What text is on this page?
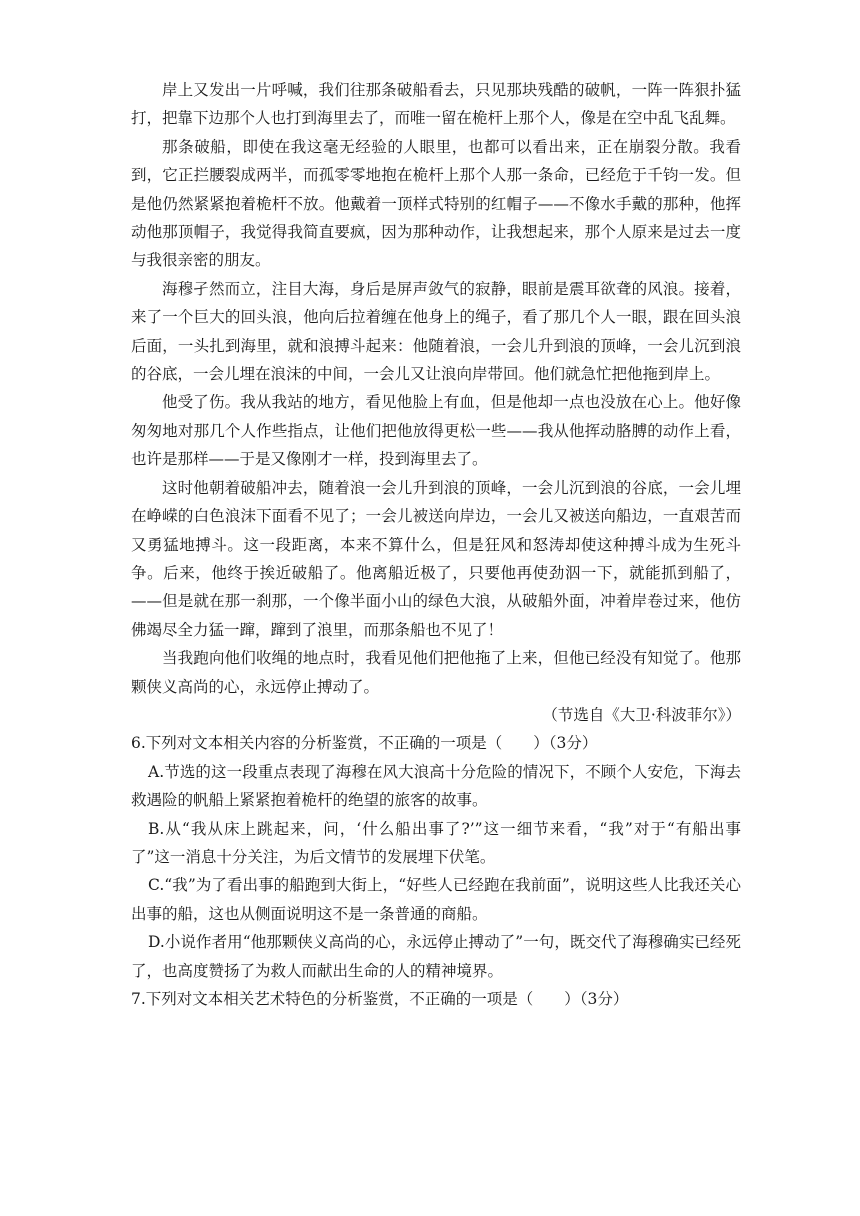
岸上又发出一片呼喊，我们往那条破船看去，只见那块残酷的破帆，一阵一阵狠扑猛打，把靠下边那个人也打到海里去了，而唯一留在桅杆上那个人，像是在空中乱飞乱舞。

那条破船，即使在我这毫无经验的人眼里，也都可以看出来，正在崩裂分散。我看到，它正拦腰裂成两半，而孤零零地抱在桅杆上那个人那一条命，已经危于千钧一发。但是他仍然紧紧抱着桅杆不放。他戴着一顶样式特别的红帽子——不像水手戴的那种，他挥动他那顶帽子，我觉得我简直要疯，因为那种动作，让我想起来，那个人原来是过去一度与我很亲密的朋友。

海穆孑然而立，注目大海，身后是屏声敛气的寂静，眼前是震耳欲聋的风浪。接着，来了一个巨大的回头浪，他向后拉着缠在他身上的绳子，看了那几个人一眼，跟在回头浪后面，一头扎到海里，就和浪搏斗起来：他随着浪，一会儿升到浪的顶峰，一会儿沉到浪的谷底，一会儿埋在浪沫的中间，一会儿又让浪向岸带回。他们就急忙把他拖到岸上。

他受了伤。我从我站的地方，看见他脸上有血，但是他却一点也没放在心上。他好像匆匆地对那几个人作些指点，让他们把他放得更松一些——我从他挥动胳膊的动作上看，也许是那样——于是又像刚才一样，投到海里去了。

这时他朝着破船冲去，随着浪一会儿升到浪的顶峰，一会儿沉到浪的谷底，一会儿埋在峥嵘的白色浪沫下面看不见了；一会儿被送向岸边，一会儿又被送向船边，一直艰苦而又勇猛地搏斗。这一段距离，本来不算什么，但是狂风和怒涛却使这种搏斗成为生死斗争。后来，他终于挨近破船了。他离船近极了，只要他再使劲泅一下，就能抓到船了，——但是就在那一刹那，一个像半面小山的绿色大浪，从破船外面，冲着岸卷过来，他仿佛竭尽全力猛一蹿，蹿到了浪里，而那条船也不见了！

当我跑向他们收绳的地点时，我看见他们把他拖了上来，但他已经没有知觉了。他那颗侠义高尚的心，永远停止搏动了。

（节选自《大卫·科波菲尔》）

6.下列对文本相关内容的分析鉴赏，不正确的一项是（　　）（3分）

A.节选的这一段重点表现了海穆在风大浪高十分危险的情况下，不顾个人安危，下海去救遇险的帆船上紧紧抱着桅杆的绝望的旅客的故事。

B.从“我从床上跳起来，问，‘什么船出事了?’”这一细节来看，“我”对于“有船出事了”这一消息十分关注，为后文情节的发展埋下伏笔。

C.“我”为了看出事的船跑到大街上，“好些人已经跑在我前面”，说明这些人比我还关心出事的船，这也从侧面说明这不是一条普通的商船。

D.小说作者用“他那颗侠义高尚的心，永远停止搏动了”一句，既交代了海穆确实已经死了，也高度赞扬了为救人而献出生命的人的精神境界。

7.下列对文本相关艺术特色的分析鉴赏，不正确的一项是（　　）（3分）
